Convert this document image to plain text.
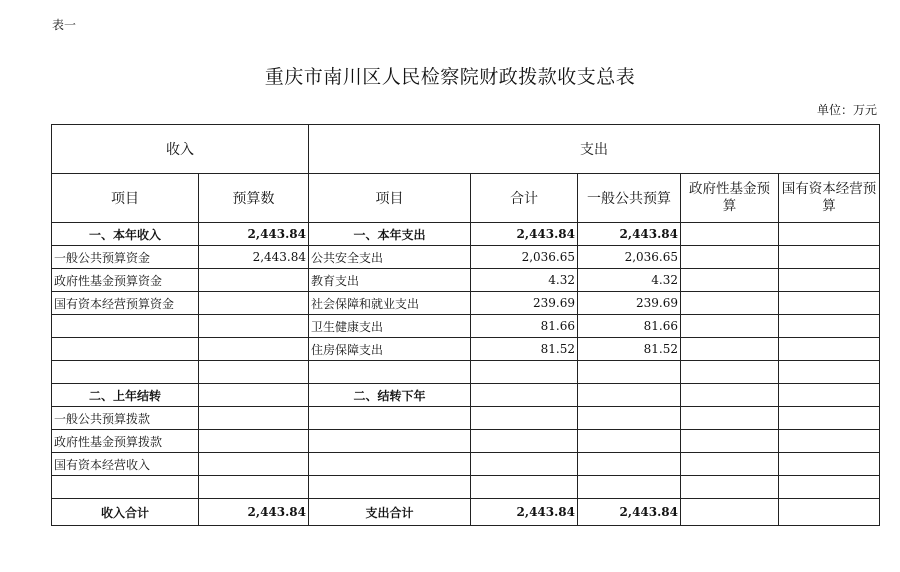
表一
重庆市南川区人民检察院财政拨款收支总表
单位：万元
收入		支出				
项目	预算数	项目	合计	一般公共预算	政府性基金预算	国有资本经营预算
一、本年收入	2,443.84	一、本年支出	2,443.84	2,443.84		
一般公共预算资金	2,443.84	公共安全支出	2,036.65	2,036.65		
政府性基金预算资金		教育支出	4.32	4.32		
国有资本经营预算资金		社会保障和就业支出	239.69	239.69		
		卫生健康支出	81.66	81.66		
		住房保障支出	81.52	81.52		

二、上年结转		二、结转下年				
一般公共预算拨款						
政府性基金预算拨款						
国有资本经营收入						

收入合计	2,443.84	支出合计	2,443.84	2,443.84		
